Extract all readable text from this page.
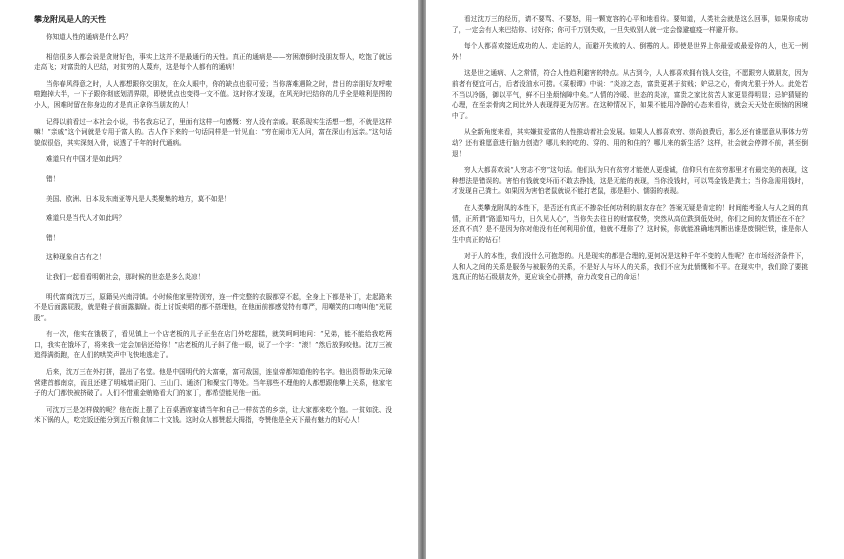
攀龙附凤是人的天性

你知道人性的通病是什么吗？

相信很多人都会说是贪财好色，事实上这并不是最通行的天性。真正的通病是——穷困潦倒时没朋友帮人，吃饱了就远走高飞；对富贵的人巴结，对贫穷的人蔑弃，这是每个人都有的通病！

当你春风得意之时，人人都想跟你交朋友，在众人眼中，你的缺点也很可爱；当你落难遇险之时，昔日的亲朋好友呼啦啦跑掉大半，一下子跟你彻底划清界限，即使优点也变得一文不值。这时你才发现，在风光时巴结你的几乎全是唯利是图的小人，困难时留在你身边的才是真正拿你当朋友的人！

记得以前看过一本社会小说，书名我忘记了，里面有这样一句感慨：穷人没有亲戚。联系现实生活想一想，不就是这样嘛！“亲戚”这个词就是专用于富人的。古人作下来的一句话同样是一针见血：“穷在闹市无人问，富在深山有远亲。”这句话貌似很俗，其实深刻入骨，说透了千年的时代通病。

难道只有中国才是如此吗？

错！

美国、欧洲、日本及东南亚等凡是人类聚集的地方，莫不如是！

难道只是当代人才如此吗？

错！

这种现象自古有之！

让我们一起看看明朝社会，那时候的世态是多么炎凉！

明代富商沈万三，原籍吴兴南浔镇。小时候他家里特别穷，连一件完整的衣服都穿不起，全身上下都是补丁，走起路来不是后面露屁股，就是鞋子前面露脚趾。街上讨饭卖唱的都不搭理他，在他面前都感觉特有尊严，用嘲笑的口吻叫他“光屁股”。

有一次，他实在饿极了，看见镇上一个店老板的儿子正坐在店门外吃甜糕，就笑呵呵地问：“兄弟，能不能给我吃两口，我实在饿坏了，将来我一定会加倍还给你！”店老板的儿子斜了他一眼，说了一个字：“滚！”然后放狗咬他。沈万三被追得满街跑，在人们的哄笑声中飞快地逃走了。

后来，沈万三在外打拼，混出了名堂。他是中国明代的大富豪，富可敌国，连皇帝都知道他的名字。他出资帮助朱元璋营建首都南京，而且还建了明城墙正阳门、三山门、通济门和聚宝门等处。当年那些不理他的人都想跟他攀上关系，他家宅子的大门都快被挤破了。人们不惜重金贿赂看大门的家丁，都希望能见他一面。

可沈万三是怎样做的呢？他在街上摆了上百桌酒席宴请当年和自己一样贫苦的乡亲，让大家都来吃个饱。一贫如洗、没米下锅的人，吃完饭还能分到五斤粮食加二十文钱。这时众人都赞起大拇指，夸赞他是全天下最有魅力的好心人！

看过沈万三的经历，请不要骂、不要怒，用一颗宽容的心平和地看待。要知道，人类社会就是这么回事，如果你成功了，一定会有人来巴结你、讨好你；你可千万别失败，一旦失败别人就一定会像避瘟疫一样避开你。

每个人都喜欢接近成功的人、走运的人，而避开失败的人、倒霉的人。即使是世界上你最爱或最爱你的人，也无一例外！

这是世之通病、人之常情，符合人性趋利避害的特点。从古到今，人人都喜欢拥有钱人交往，不愿跟穷人做朋友，因为前者有便宜可占，后者没油水可捞。《菜根谭》中说：“炎凉之态，富贵更甚于贫贱；妒忌之心，骨肉尤狠于外人。此处若不当以冷肠，御以平气，鲜不日坐烦恼障中矣。”人情的冷暖、世态的炎凉，富贵之家比贫苦人家更显得明显；忌妒猜疑的心理，在至亲骨肉之间比外人表现得更为厉害。在这种情况下，如果不能用冷静的心态来看待，就会天天处在烦恼的困境中了。

从全新角度来看，其实嫌贫爱富的人性推动着社会发展。如果人人都喜欢穷、崇尚浪费后，那么还有谁愿意从事体力劳动？还有谁愿意进行脑力创造？哪儿来的吃的、穿的、用的和住的？哪儿来的新生活？这样，社会就会停滞不前，甚至倒退！

穷人大都喜欢说“人穷志不穷”这句话。他们认为只有贫穷才能使人更虔诚，信仰只有在贫穷那里才有最完美的表现，这种想法是错误的。害怕有钱就变坏而不敢去挣钱，这是无能的表现，当你没钱时，可以骂金钱是粪土；当你急需用钱时，才发现自己粪土。如果因为害怕老鼠就说不能打老鼠，那是胆小、懦弱的表现。

在人类攀龙附凤的本性下，是否还有真正不掺杂任何功利的朋友存在？答案无疑是肯定的！时间能考验人与人之间的真情，正所谓“路遥知马力，日久见人心”，当你失去往日的财富权势，突然从高位跌到低处时，你们之间的友情还在不在？还真不真？是不是因为你对他没有任何利用价值，他就不理你了？这时候，你就能准确地判断出谁是废铜烂铁，谁是你人生中真正的钻石！

对于人的本性，我们没什么可抱怨的。凡是现实的都是合理的,更何况是这种千年不变的人性呢？在市场经济条件下，人和人之间的关系是服务与被服务的关系，不是好人与坏人的关系，我们不应为此愤慨和不平。在现实中，我们除了要挑选真正的钻石级朋友外，更应该全心拼搏，奋力改变自己的命运！
